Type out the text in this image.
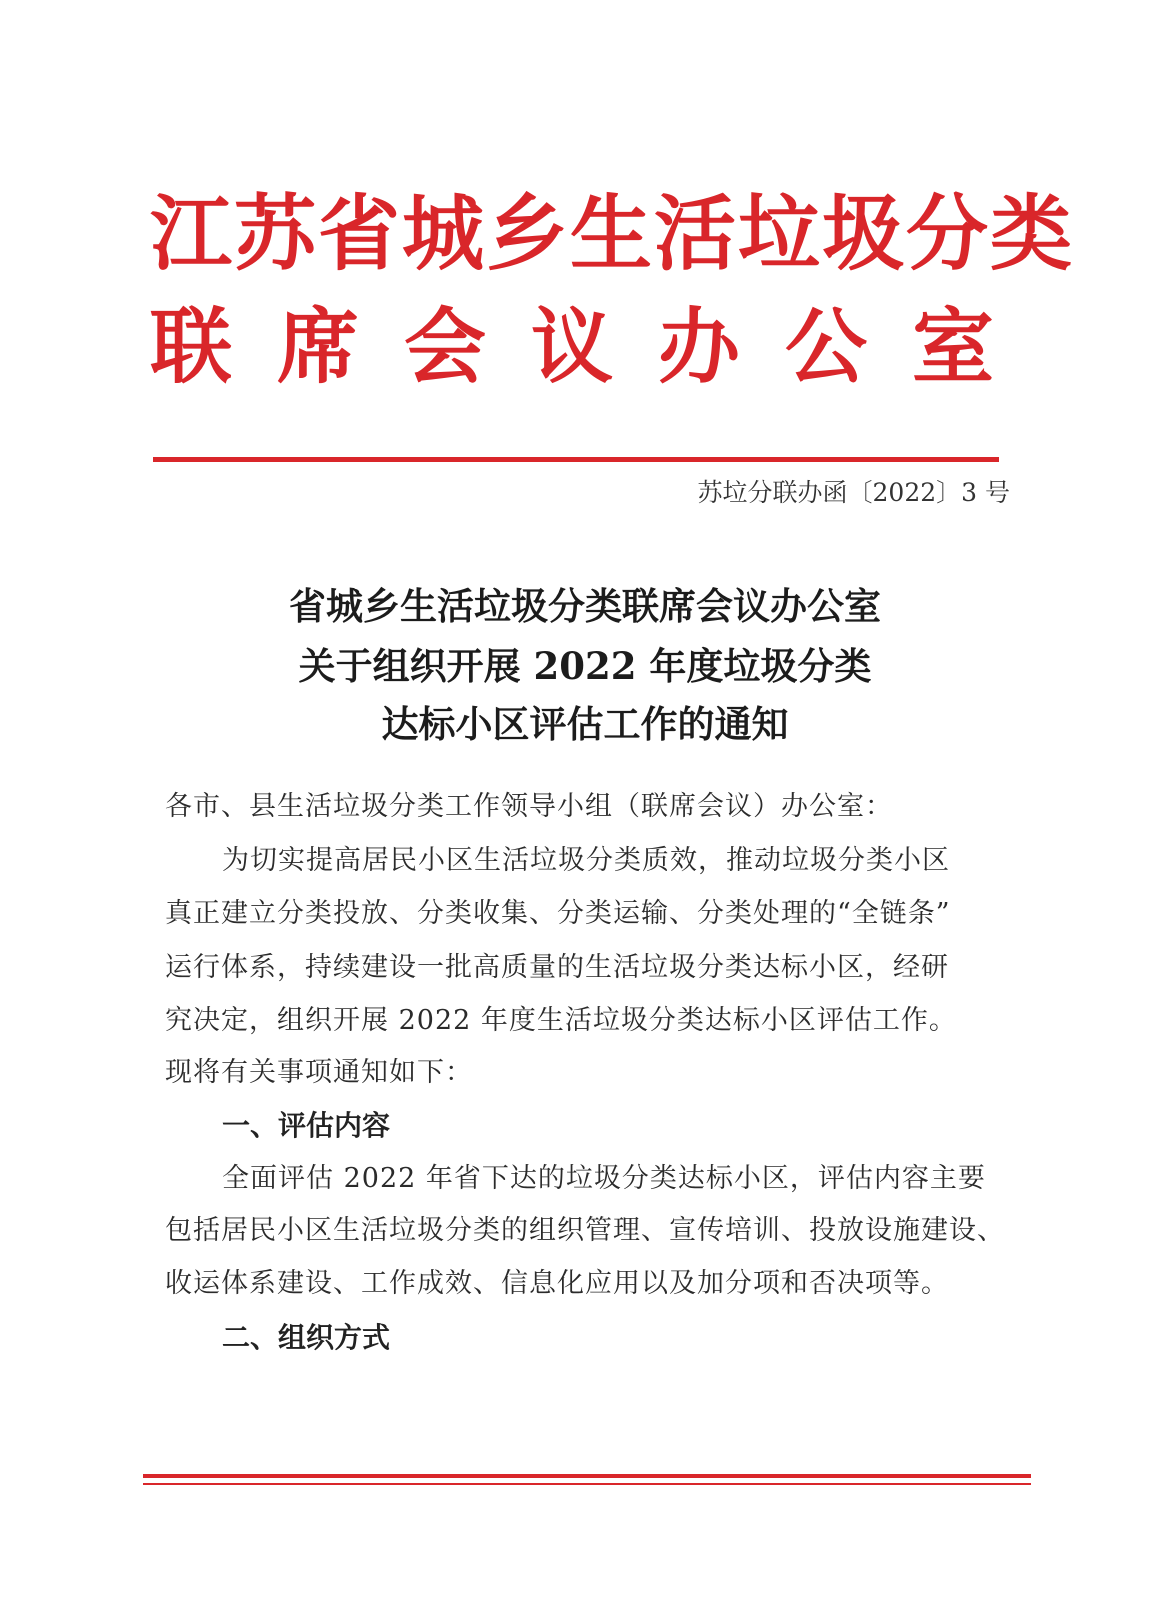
江苏省城乡生活垃圾分类
联席会议办公室
苏垃分联办函〔2022〕3 号
省城乡生活垃圾分类联席会议办公室
关于组织开展 2022 年度垃圾分类
达标小区评估工作的通知
各市、县生活垃圾分类工作领导小组（联席会议）办公室：
为切实提高居民小区生活垃圾分类质效，推动垃圾分类小区
真正建立分类投放、分类收集、分类运输、分类处理的“全链条”
运行体系，持续建设一批高质量的生活垃圾分类达标小区，经研
究决定，组织开展 2022 年度生活垃圾分类达标小区评估工作。
现将有关事项通知如下：
一、评估内容
全面评估 2022 年省下达的垃圾分类达标小区，评估内容主要
包括居民小区生活垃圾分类的组织管理、宣传培训、投放设施建设、
收运体系建设、工作成效、信息化应用以及加分项和否决项等。
二、组织方式
